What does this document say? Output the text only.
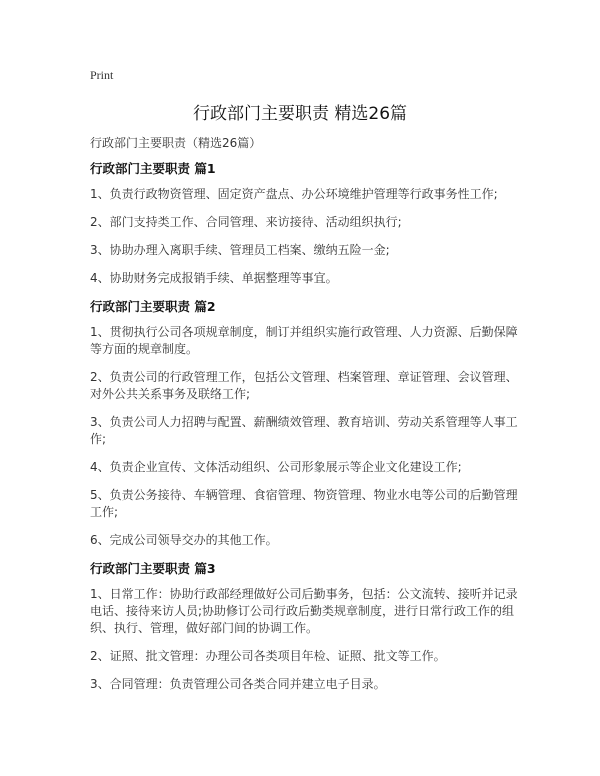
Print
行政部门主要职责 精选26篇
行政部门主要职责（精选26篇）
行政部门主要职责 篇1
1、负责行政物资管理、固定资产盘点、办公环境维护管理等行政事务性工作;
2、部门支持类工作、合同管理、来访接待、活动组织执行;
3、协助办理入离职手续、管理员工档案、缴纳五险一金;
4、协助财务完成报销手续、单据整理等事宜。
行政部门主要职责 篇2
1、贯彻执行公司各项规章制度，制订并组织实施行政管理、人力资源、后勤保障等方面的规章制度。
2、负责公司的行政管理工作，包括公文管理、档案管理、章证管理、会议管理、对外公共关系事务及联络工作;
3、负责公司人力招聘与配置、薪酬绩效管理、教育培训、劳动关系管理等人事工作;
4、负责企业宣传、文体活动组织、公司形象展示等企业文化建设工作;
5、负责公务接待、车辆管理、食宿管理、物资管理、物业水电等公司的后勤管理工作;
6、完成公司领导交办的其他工作。
行政部门主要职责 篇3
1、日常工作：协助行政部经理做好公司后勤事务，包括：公文流转、接听并记录电话、接待来访人员;协助修订公司行政后勤类规章制度，进行日常行政工作的组织、执行、管理，做好部门间的协调工作。
2、证照、批文管理：办理公司各类项目年检、证照、批文等工作。
3、合同管理：负责管理公司各类合同并建立电子目录。
